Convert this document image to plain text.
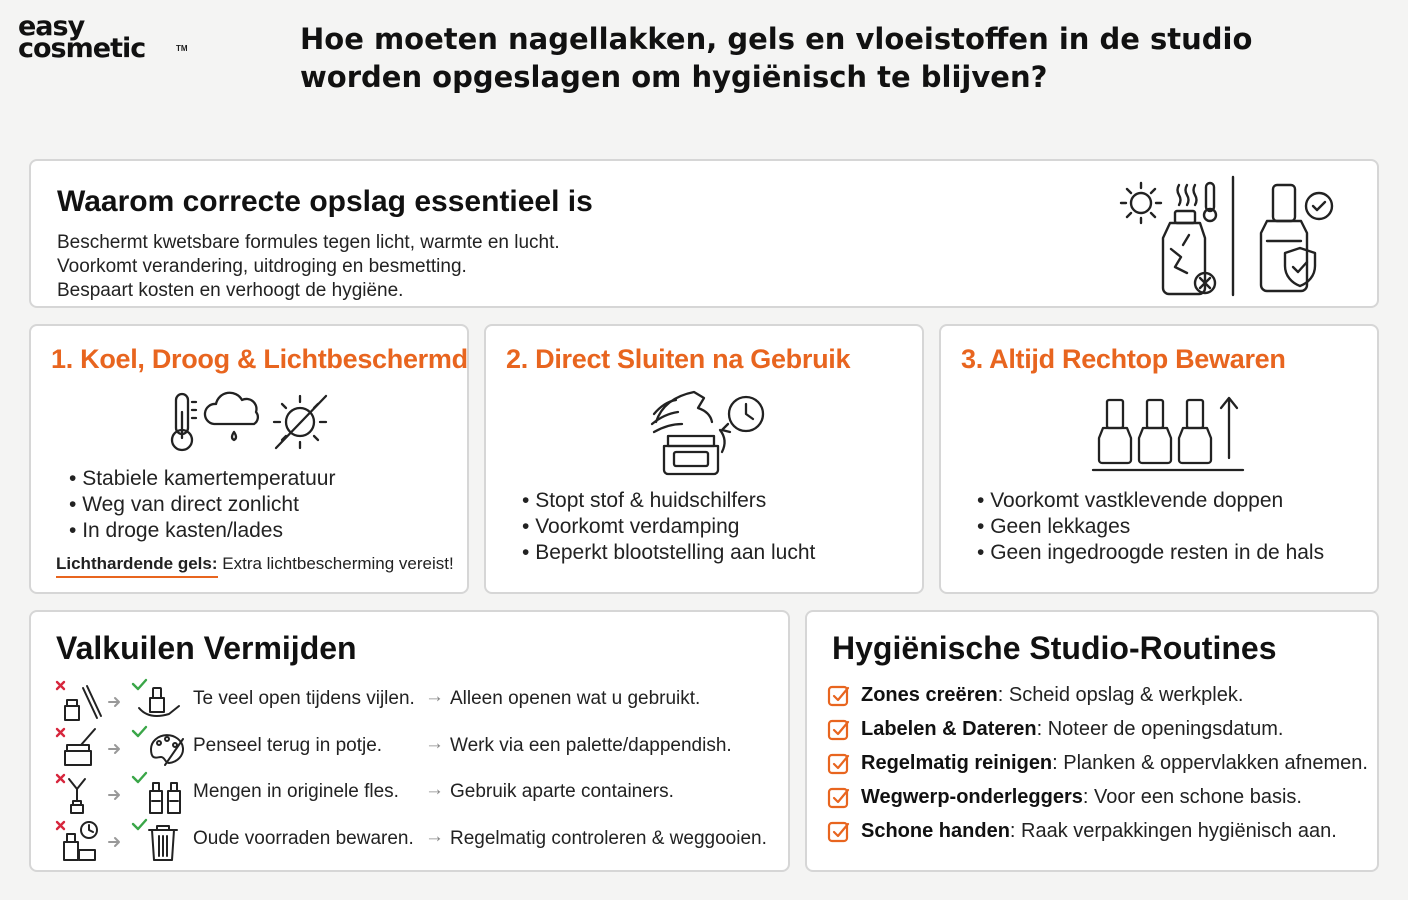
easy
cosmetic	TM	Hoe moeten nagellakken, gels en vloeistoffen in de studio worden opgeslagen om hygiënisch te blijven?
Waarom correcte opslag essentieel is
Beschermt kwetsbare formules tegen licht, warmte en lucht.
Voorkomt verandering, uitdroging en besmetting.
Bespaart kosten en verhoogt de hygiëne.
1. Koel, Droog & Lichtbeschermd
• Stabiele kamertemperatuur
• Weg van direct zonlicht
• In droge kasten/lades
Lichthardende gels: Extra lichtbescherming vereist!
2. Direct Sluiten na Gebruik
• Stopt stof & huidschilfers
• Voorkomt verdamping
• Beperkt blootstelling aan lucht
3. Altijd Rechtop Bewaren
• Voorkomt vastklevende doppen
• Geen lekkages
• Geen ingedroogde resten in de hals
Valkuilen Vermijden
Te veel open tijdens vijlen. → Alleen openen wat u gebruikt.
Penseel terug in potje. → Werk via een palette/dappendish.
Mengen in originele fles. → Gebruik aparte containers.
Oude voorraden bewaren. → Regelmatig controleren & weggooien.
Hygiënische Studio-Routines
Zones creëren: Scheid opslag & werkplek.
Labelen & Dateren: Noteer de openingsdatum.
Regelmatig reinigen: Planken & oppervlakken afnemen.
Wegwerp-onderleggers: Voor een schone basis.
Schone handen: Raak verpakkingen hygiënisch aan.
